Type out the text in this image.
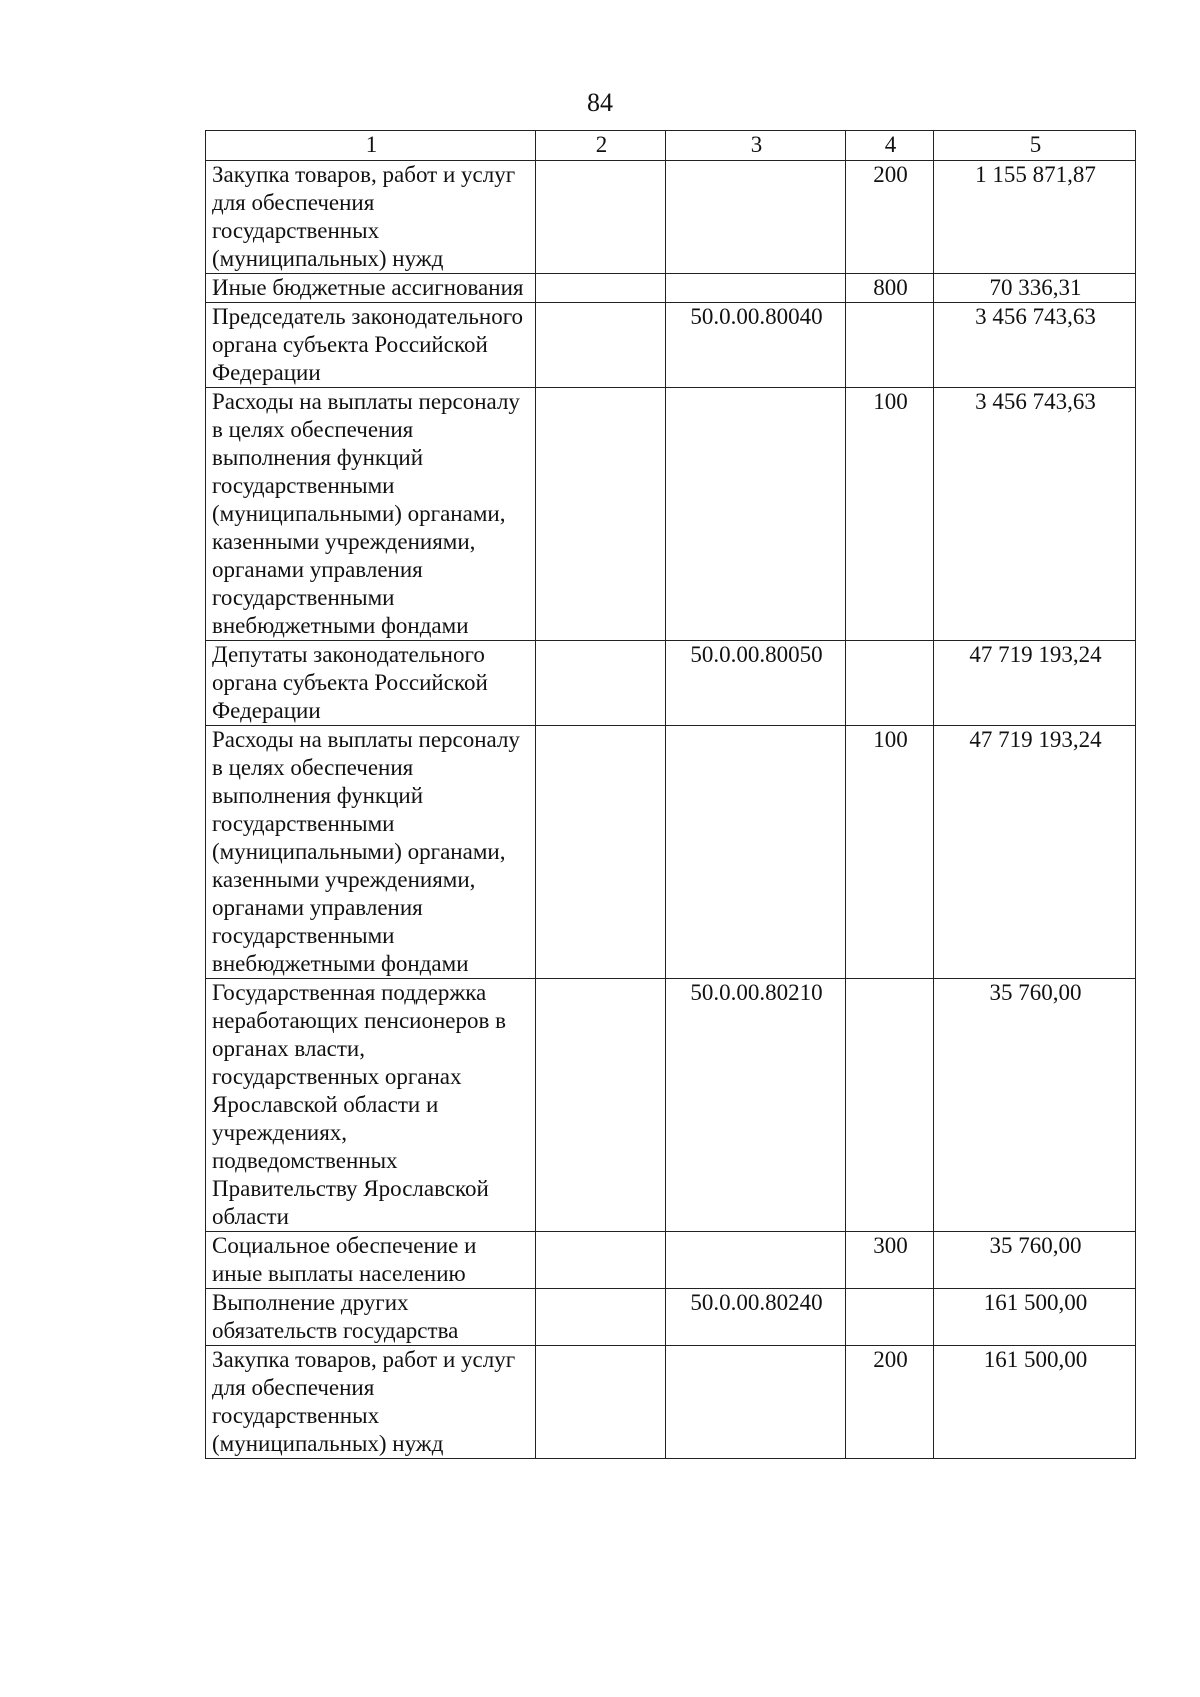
84
1	2	3	4	5
Закупка товаров, работ и услуг для обеспечения государственных (муниципальных) нужд			200	1 155 871,87
Иные бюджетные ассигнования			800	70 336,31
Председатель законодательного органа субъекта Российской Федерации		50.0.00.80040		3 456 743,63
Расходы на выплаты персоналу в целях обеспечения выполнения функций государственными (муниципальными) органами, казенными учреждениями, органами управления государственными внебюджетными фондами			100	3 456 743,63
Депутаты законодательного органа субъекта Российской Федерации		50.0.00.80050		47 719 193,24
Расходы на выплаты персоналу в целях обеспечения выполнения функций государственными (муниципальными) органами, казенными учреждениями, органами управления государственными внебюджетными фондами			100	47 719 193,24
Государственная поддержка неработающих пенсионеров в органах власти, государственных органах Ярославской области и учреждениях, подведомственных Правительству Ярославской области		50.0.00.80210		35 760,00
Социальное обеспечение и иные выплаты населению			300	35 760,00
Выполнение других обязательств государства		50.0.00.80240		161 500,00
Закупка товаров, работ и услуг для обеспечения государственных (муниципальных) нужд			200	161 500,00
